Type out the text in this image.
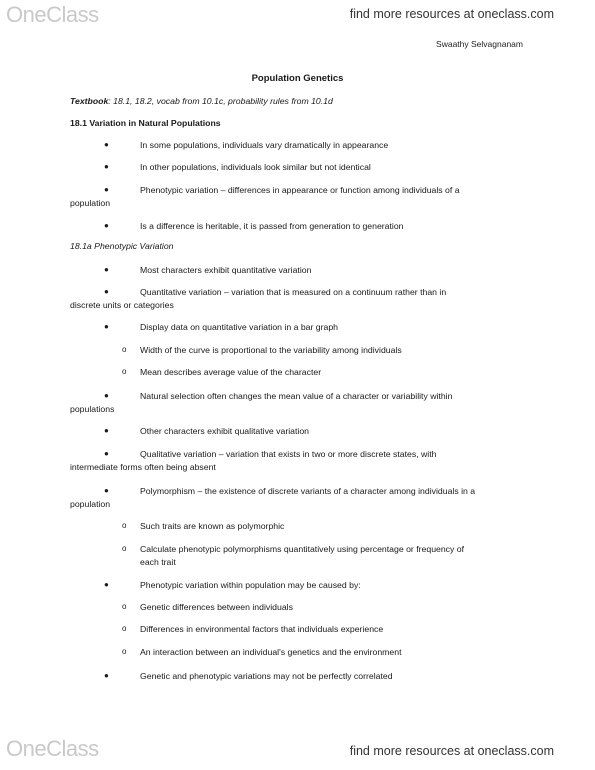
OneClass	find more resources at oneclass.com
Swaathy Selvagnanam
Population Genetics
Textbook: 18.1, 18.2, vocab from 10.1c, probability rules from 10.1d
18.1 Variation in Natural Populations
●	In some populations, individuals vary dramatically in appearance
●	In other populations, individuals look similar but not identical
●	Phenotypic variation – differences in appearance or function among individuals of a
population
●	Is a difference is heritable, it is passed from generation to generation
18.1a Phenotypic Variation
●	Most characters exhibit quantitative variation
●	Quantitative variation – variation that is measured on a continuum rather than in
discrete units or categories
●	Display data on quantitative variation in a bar graph
o Width of the curve is proportional to the variability among individuals
o Mean describes average value of the character
●	Natural selection often changes the mean value of a character or variability within
populations
●	Other characters exhibit qualitative variation
●	Qualitative variation – variation that exists in two or more discrete states, with
intermediate forms often being absent
●	Polymorphism – the existence of discrete variants of a character among individuals in a
population
o Such traits are known as polymorphic
o Calculate phenotypic polymorphisms quantitatively using percentage or frequency of
each trait
●	Phenotypic variation within population may be caused by:
o Genetic differences between individuals
o Differences in environmental factors that individuals experience
o An interaction between an individual's genetics and the environment
●	Genetic and phenotypic variations may not be perfectly correlated
OneClass	find more resources at oneclass.com
